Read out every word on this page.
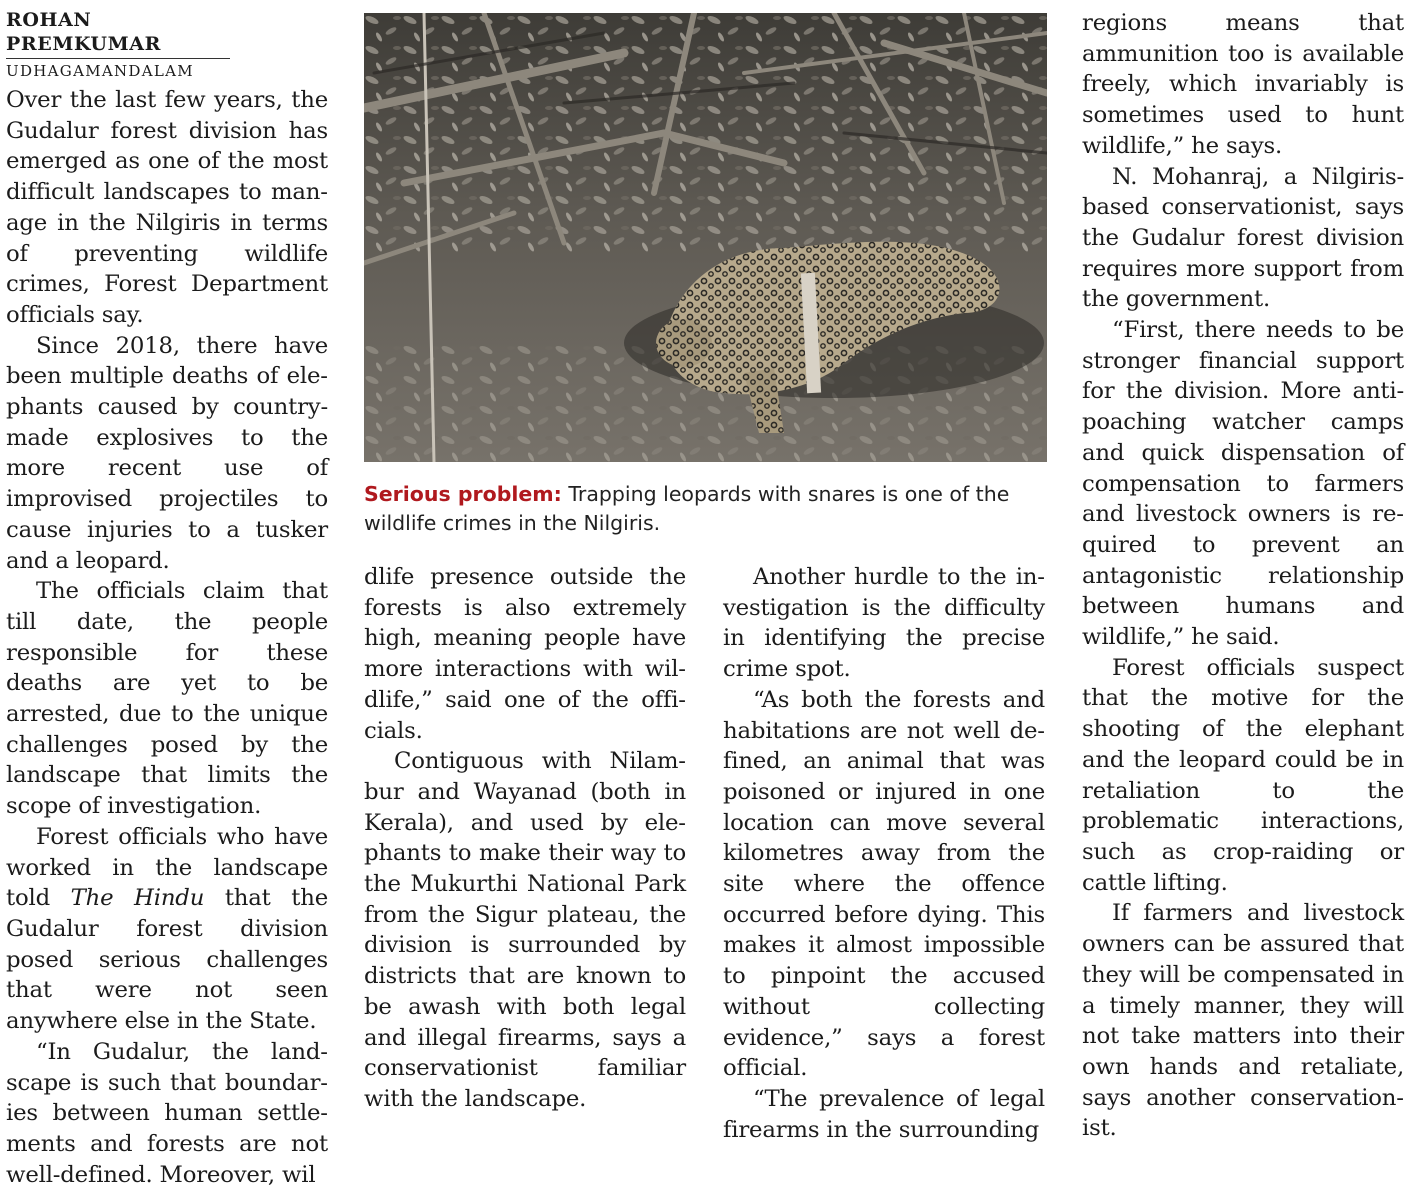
ROHAN PREMKUMAR
UDHAGAMANDALAM

Over the last few years, the Gudalur forest division has emerged as one of the most difficult landscapes to manage in the Nilgiris in terms of preventing wildlife crimes, Forest Department officials say.

Since 2018, there have been multiple deaths of elephants caused by country-made explosives to the more recent use of improvised projectiles to cause injuries to a tusker and a leopard.

The officials claim that till date, the people responsible for these deaths are yet to be arrested, due to the unique challenges posed by the landscape that limits the scope of investigation.

Forest officials who have worked in the landscape told The Hindu that the Gudalur forest division posed serious challenges that were not seen anywhere else in the State.

“In Gudalur, the landscape is such that boundaries between human settlements and forests are not well-defined. Moreover, wil

Serious problem: Trapping leopards with snares is one of the wildlife crimes in the Nilgiris.

dlife presence outside the forests is also extremely high, meaning people have more interactions with wildlife,” said one of the officials.

Contiguous with Nilambur and Wayanad (both in Kerala), and used by elephants to make their way to the Mukurthi National Park from the Sigur plateau, the division is surrounded by districts that are known to be awash with both legal and illegal firearms, says a conservationist familiar with the landscape.

Another hurdle to the investigation is the difficulty in identifying the precise crime spot.

“As both the forests and habitations are not well defined, an animal that was poisoned or injured in one location can move several kilometres away from the site where the offence occurred before dying. This makes it almost impossible to pinpoint the accused without collecting evidence,” says a forest official.

“The prevalence of legal firearms in the surrounding

regions means that ammunition too is available freely, which invariably is sometimes used to hunt wildlife,” he says.

N. Mohanraj, a Nilgiris-based conservationist, says the Gudalur forest division requires more support from the government.

“First, there needs to be stronger financial support for the division. More anti-poaching watcher camps and quick dispensation of compensation to farmers and livestock owners is required to prevent an antagonistic relationship between humans and wildlife,” he said.

Forest officials suspect that the motive for the shooting of the elephant and the leopard could be in retaliation to the problematic interactions, such as crop-raiding or cattle lifting.

If farmers and livestock owners can be assured that they will be compensated in a timely manner, they will not take matters into their own hands and retaliate, says another conservationist.
